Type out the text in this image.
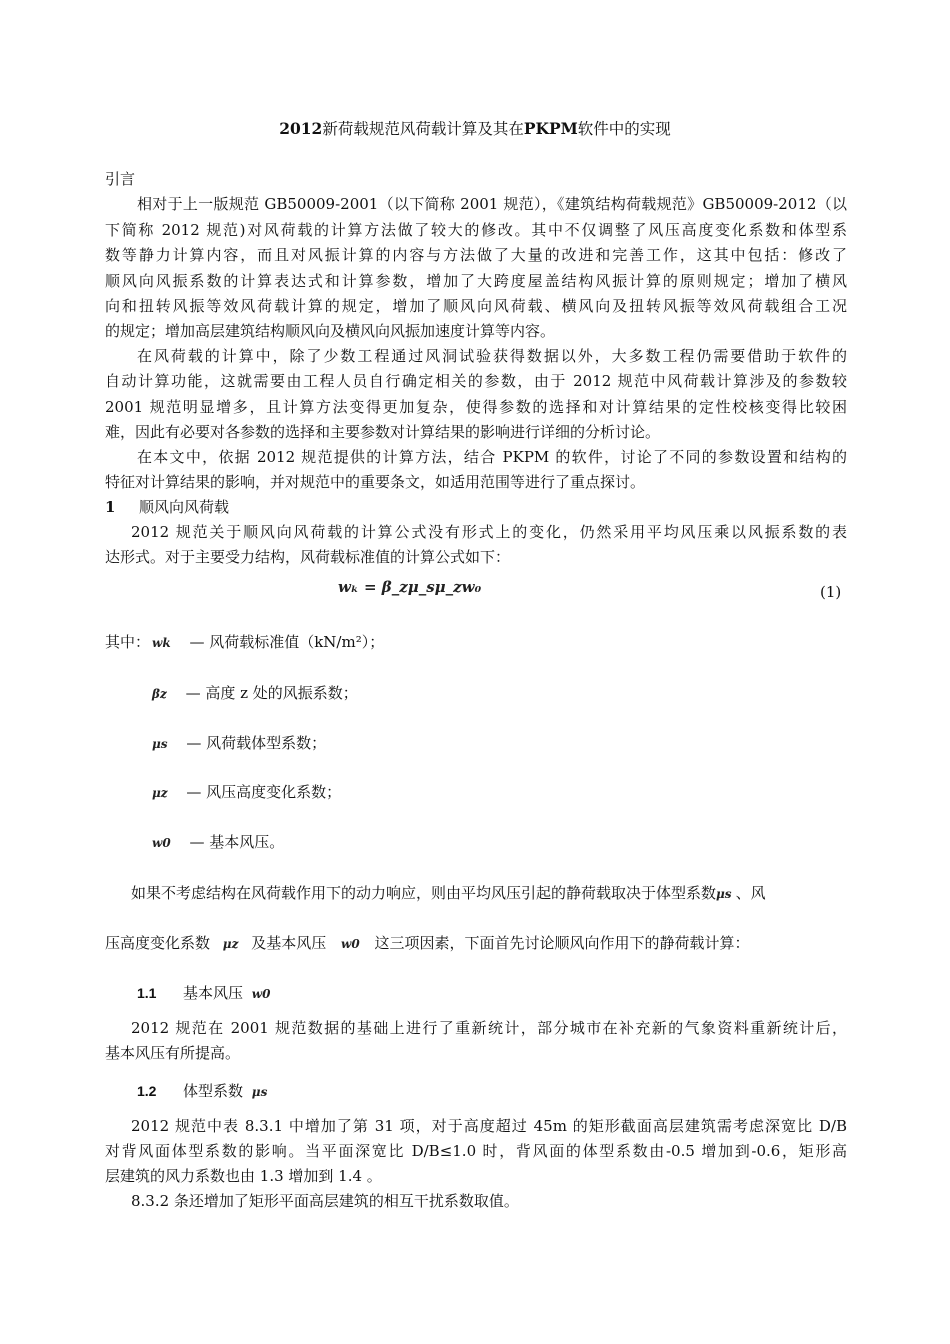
2012新荷载规范风荷载计算及其在PKPM软件中的实现
引言
相对于上一版规范 GB50009-2001（以下简称 2001 规范），《建筑结构荷载规范》GB50009-2012（以
下简称 2012 规范)对风荷载的计算方法做了较大的修改。其中不仅调整了风压高度变化系数和体型系
数等静力计算内容，而且对风振计算的内容与方法做了大量的改进和完善工作，这其中包括：修改了
顺风向风振系数的计算表达式和计算参数，增加了大跨度屋盖结构风振计算的原则规定；增加了横风
向和扭转风振等效风荷载计算的规定，增加了顺风向风荷载、横风向及扭转风振等效风荷载组合工况
的规定；增加高层建筑结构顺风向及横风向风振加速度计算等内容。
在风荷载的计算中，除了少数工程通过风洞试验获得数据以外，大多数工程仍需要借助于软件的
自动计算功能，这就需要由工程人员自行确定相关的参数，由于 2012 规范中风荷载计算涉及的参数较
2001 规范明显增多，且计算方法变得更加复杂，使得参数的选择和对计算结果的定性校核变得比较困
难，因此有必要对各参数的选择和主要参数对计算结果的影响进行详细的分析讨论。
在本文中，依据 2012 规范提供的计算方法，结合 PKPM 的软件，讨论了不同的参数设置和结构的
特征对计算结果的影响，并对规范中的重要条文，如适用范围等进行了重点探讨。
1 顺风向风荷载
2012 规范关于顺风向风荷载的计算公式没有形式上的变化，仍然采用平均风压乘以风振系数的表
达形式。对于主要受力结构，风荷载标准值的计算公式如下：
wₖ = β_zμ_sμ_zw₀	(1)
其中： wk — 风荷载标准值（kN/m²）；
βz — 高度 z 处的风振系数；
μs — 风荷载体型系数；
μz — 风压高度变化系数；
w0 — 基本风压。
如果不考虑结构在风荷载作用下的动力响应，则由平均风压引起的静荷载取决于体型系数μs 、风
压高度变化系数 μz 及基本风压 w0 这三项因素，下面首先讨论顺风向作用下的静荷载计算：
1.1 基本风压 w0
2012 规范在 2001 规范数据的基础上进行了重新统计，部分城市在补充新的气象资料重新统计后，
基本风压有所提高。
1.2 体型系数 μs
2012 规范中表 8.3.1 中增加了第 31 项，对于高度超过 45m 的矩形截面高层建筑需考虑深宽比 D/B
对背风面体型系数的影响。当平面深宽比 D/B≤1.0 时，背风面的体型系数由-0.5 增加到-0.6，矩形高
层建筑的风力系数也由 1.3 增加到 1.4 。
8.3.2 条还增加了矩形平面高层建筑的相互干扰系数取值。
